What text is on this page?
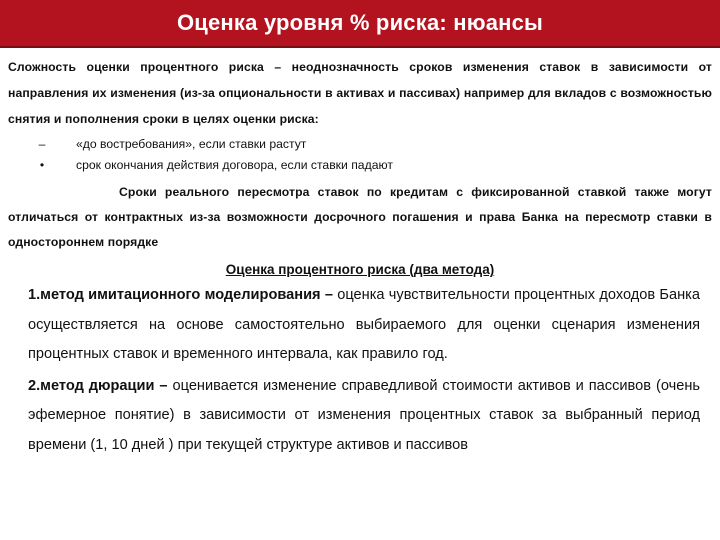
Оценка уровня % риска: нюансы

Сложность оценки процентного риска – неоднозначность сроков изменения ставок в зависимости от направления их изменения (из-за опциональности в активах и пассивах) например для вкладов с возможностью снятия и пополнения сроки в целях оценки риска:

–	«до востребования», если ставки растут
•	срок окончания действия договора, если ставки падают

Сроки реального пересмотра ставок по кредитам с фиксированной ставкой также могут отличаться от контрактных из-за возможности досрочного погашения и права Банка на пересмотр ставки в одностороннем порядке

Оценка процентного риска (два метода)

1.метод имитационного моделирования – оценка чувствительности процентных доходов Банка осуществляется на основе самостоятельно выбираемого для оценки сценария изменения процентных ставок и временного интервала, как правило год.

2.метод дюрации – оценивается изменение справедливой стоимости активов и пассивов (очень эфемерное понятие) в зависимости от изменения процентных ставок за выбранный период времени (1, 10 дней ) при текущей структуре активов и пассивов
